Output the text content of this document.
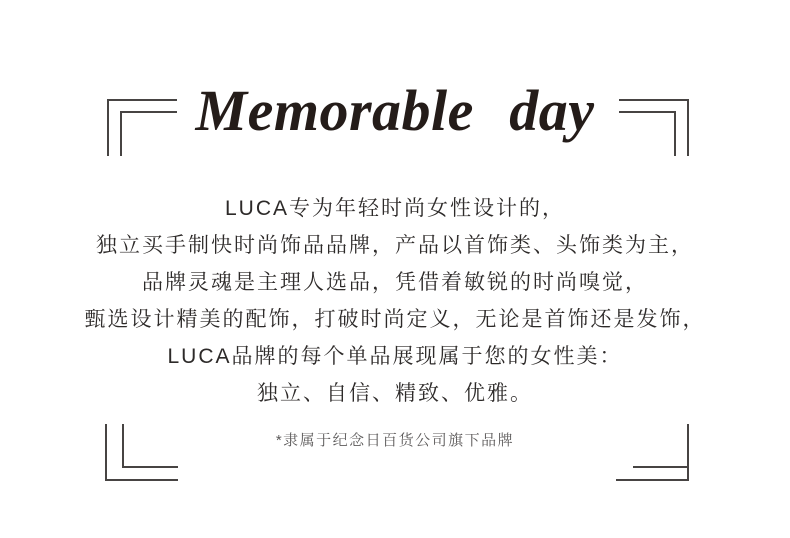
Memorable day
LUCA专为年轻时尚女性设计的，
独立买手制快时尚饰品品牌，产品以首饰类、头饰类为主，
品牌灵魂是主理人选品，凭借着敏锐的时尚嗅觉，
甄选设计精美的配饰，打破时尚定义，无论是首饰还是发饰，
LUCA品牌的每个单品展现属于您的女性美：
独立、自信、精致、优雅。
*隶属于纪念日百货公司旗下品牌
